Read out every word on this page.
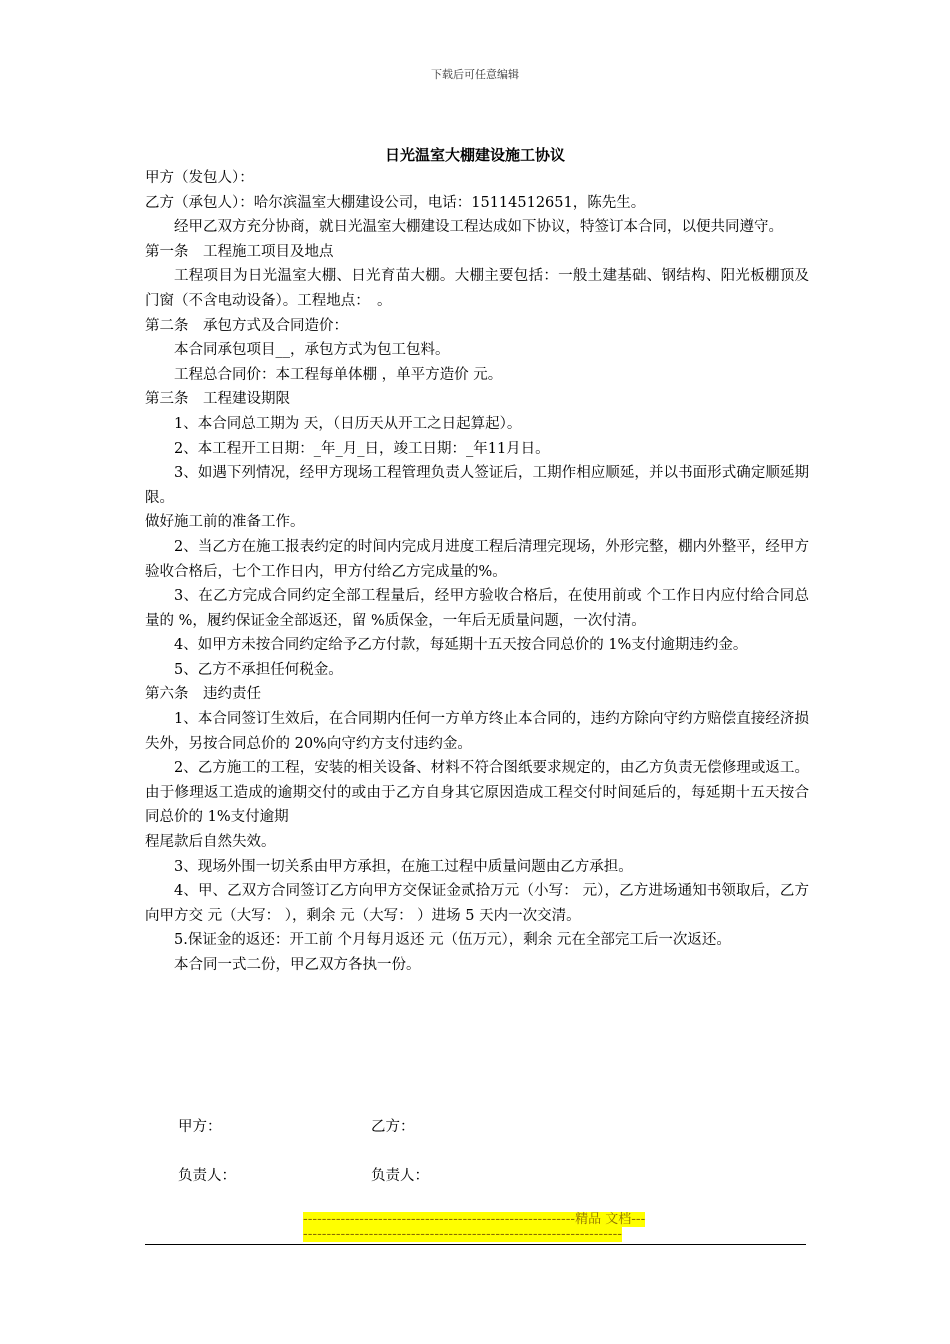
下载后可任意编辑
日光温室大棚建设施工协议

甲方（发包人）：

乙方（承包人）：哈尔滨温室大棚建设公司，电话：15114512651，陈先生。

经甲乙双方充分协商，就日光温室大棚建设工程达成如下协议，特签订本合同，以便共同遵守。

第一条　工程施工项目及地点

工程项目为日光温室大棚、日光育苗大棚。大棚主要包括：一般土建基础、钢结构、阳光板棚顶及门窗（不含电动设备）。工程地点：　。

第二条　承包方式及合同造价：

本合同承包项目__，承包方式为包工包料。

工程总合同价：本工程每单体棚 ，单平方造价 元。

第三条　工程建设期限

1、本合同总工期为 天，（日历天从开工之日起算起）。

2、本工程开工日期：_年_月_日，竣工日期：_年11月日。

3、如遇下列情况，经甲方现场工程管理负责人签证后，工期作相应顺延，并以书面形式确定顺延期限。

做好施工前的准备工作。

2、当乙方在施工报表约定的时间内完成月进度工程后清理完现场，外形完整，棚内外整平，经甲方验收合格后，七个工作日内，甲方付给乙方完成量的%。

3、在乙方完成合同约定全部工程量后，经甲方验收合格后，在使用前或 个工作日内应付给合同总量的 %，履约保证金全部返还，留 %质保金，一年后无质量问题，一次付清。

4、如甲方未按合同约定给予乙方付款，每延期十五天按合同总价的 1%支付逾期违约金。

5、乙方不承担任何税金。

第六条　违约责任

1、本合同签订生效后，在合同期内任何一方单方终止本合同的，违约方除向守约方赔偿直接经济损失外，另按合同总价的 20%向守约方支付违约金。

2、乙方施工的工程，安装的相关设备、材料不符合图纸要求规定的，由乙方负责无偿修理或返工。由于修理返工造成的逾期交付的或由于乙方自身其它原因造成工程交付时间延后的，每延期十五天按合同总价的 1%支付逾期

程尾款后自然失效。

3、现场外围一切关系由甲方承担，在施工过程中质量问题由乙方承担。

4、甲、乙双方合同签订乙方向甲方交保证金贰拾万元（小写： 元），乙方进场通知书领取后，乙方向甲方交 元（大写： ），剩余 元（大写： ）进场 5 天内一次交清。

5.保证金的返还：开工前 个月每月返还 元（伍万元），剩余 元在全部完工后一次返还。

本合同一式二份，甲乙双方各执一份。

甲方：	乙方：
负责人：	负责人：
----------------------------------------------------------精品 文档-----------------------------------------------------------------------
